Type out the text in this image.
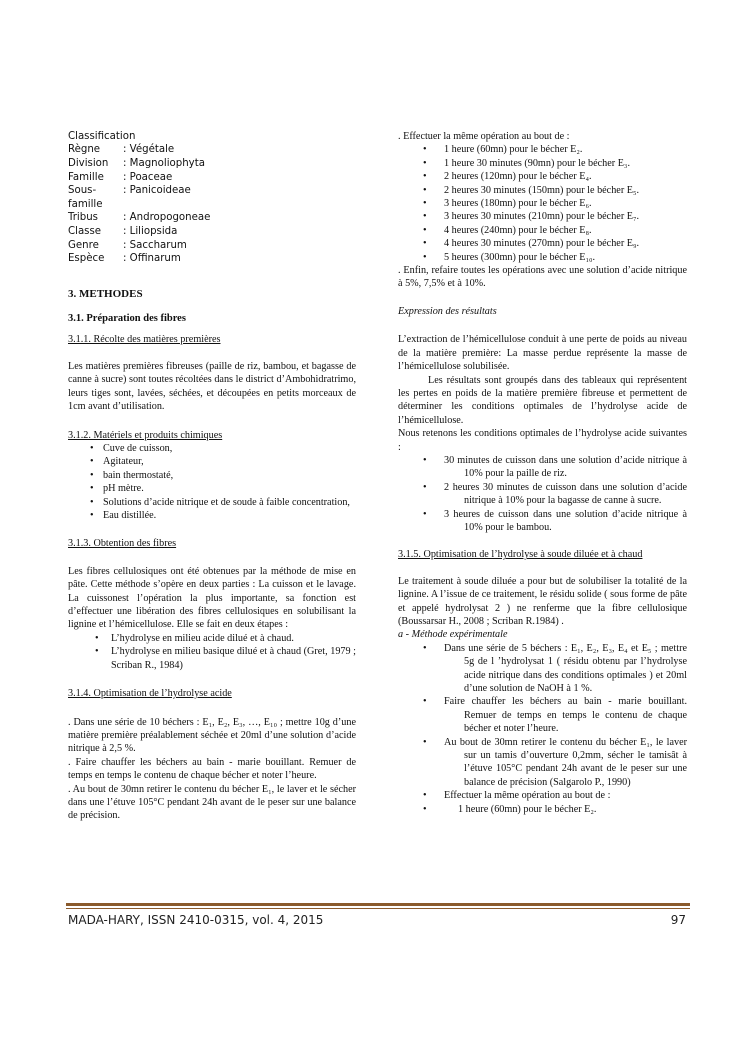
Classification
Règne	: Végétale
Division	: Magnoliophyta
Famille	: Poaceae
Sous-famille	: Panicoideae
Tribus	: Andropogoneae
Classe	: Liliopsida
Genre	: Saccharum
Espèce	: Offinarum
3. METHODES
3.1. Préparation des fibres
3.1.1. Récolte des matières premières

Les matières premières fibreuses (paille de riz, bambou, et bagasse de canne à sucre) sont toutes récoltées dans le district d’Ambohidratrimo, leurs tiges sont, lavées, séchées, et découpées en petits morceaux de 1cm avant d’utilisation.

3.1.2. Matériels et produits chimiques
• Cuve de cuisson,
• Agitateur,
• bain thermostaté,
• pH mètre.
• Solutions d’acide nitrique et de soude à faible concentration,
• Eau distillée.
3.1.3. Obtention des fibres

Les fibres cellulosiques ont été obtenues par la méthode de mise en pâte. Cette méthode s’opère en deux parties : La cuisson et le lavage. La cuissonest l’opération la plus importante, sa fonction est d’effectuer une libération des fibres cellulosiques en solubilisant la lignine et l’hémicellulose. Elle se fait en deux étapes :

• L’hydrolyse en milieu acide dilué et à chaud.
• L’hydrolyse en milieu basique dilué et à chaud (Gret, 1979 ; Scriban R., 1984)
3.1.4. Optimisation de l’hydrolyse acide

. Dans une série de 10 béchers : E₁, E₂, E₃, …, E₁₀ ; mettre 10g d’une matière première préalablement séchée et 20ml d’une solution d’acide nitrique à 2,5 %.

. Faire chauffer les béchers au bain - marie bouillant. Remuer de temps en temps le contenu de chaque bécher et noter l’heure.

. Au bout de 30mn retirer le contenu du bécher E₁, le laver et le sécher dans une l’étuve 105°C pendant 24h avant de le peser sur une balance de précision.

. Effectuer la même opération au bout de :

• 1 heure (60mn) pour le bécher E₂.
• 1 heure 30 minutes (90mn) pour le bécher E₃.
• 2 heures (120mn) pour le bécher E₄.
• 2 heures 30 minutes (150mn) pour le bécher E₅.
• 3 heures (180mn) pour le bécher E₆.
• 3 heures 30 minutes (210mn) pour le bécher E₇.
• 4 heures (240mn) pour le bécher E₈.
• 4 heures 30 minutes (270mn) pour le bécher E₉.
• 5 heures (300mn) pour le bécher E₁₀.

. Enfin, refaire toutes les opérations avec une solution d’acide nitrique à 5%, 7,5% et à 10%.

Expression des résultats

L’extraction de l’hémicellulose conduit à une perte de poids au niveau de la matière première: La masse perdue représente la masse de l’hémicellulose solubilisée.

Les résultats sont groupés dans des tableaux qui représentent les pertes en poids de la matière première fibreuse et permettent de déterminer les conditions optimales de l’hydrolyse acide de l’hémicellulose.

Nous retenons les conditions optimales de l’hydrolyse acide suivantes :

• 30 minutes de cuisson dans une solution d’acide nitrique à 10% pour la paille de riz.
• 2 heures 30 minutes de cuisson dans une solution d’acide nitrique à 10% pour la bagasse de canne à sucre.
• 3 heures de cuisson dans une solution d’acide nitrique à 10% pour le bambou.
3.1.5. Optimisation de l’hydrolyse à soude diluée et à chaud

Le traitement à soude diluée a pour but de solubiliser la totalité de la lignine. A l’issue de ce traitement, le résidu solide ( sous forme de pâte et appelé hydrolysat 2 ) ne renferme que la fibre cellulosique (Boussarsar H., 2008 ; Scriban R.1984) .

a - Méthode expérimentale

• Dans une série de 5 béchers : E₁, E₂, E₃, E₄ et E₅ ; mettre 5g de l ’hydrolysat 1 ( résidu obtenu par l’hydrolyse acide nitrique dans des conditions optimales ) et 20ml d’une solution de NaOH à 1 %.
• Faire chauffer les béchers au bain - marie bouillant. Remuer de temps en temps le contenu de chaque bécher et noter l’heure.
• Au bout de 30mn retirer le contenu du bécher E₁, le laver sur un tamis d’ouverture 0,2mm, sécher le tamisât à l’étuve 105°C pendant 24h avant de le peser sur une balance de précision (Salgarolo P., 1990)
• Effectuer la même opération au bout de :
•	1 heure (60mn) pour le bécher E₂.
MADA-HARY, ISSN 2410-0315, vol. 4, 2015	97
